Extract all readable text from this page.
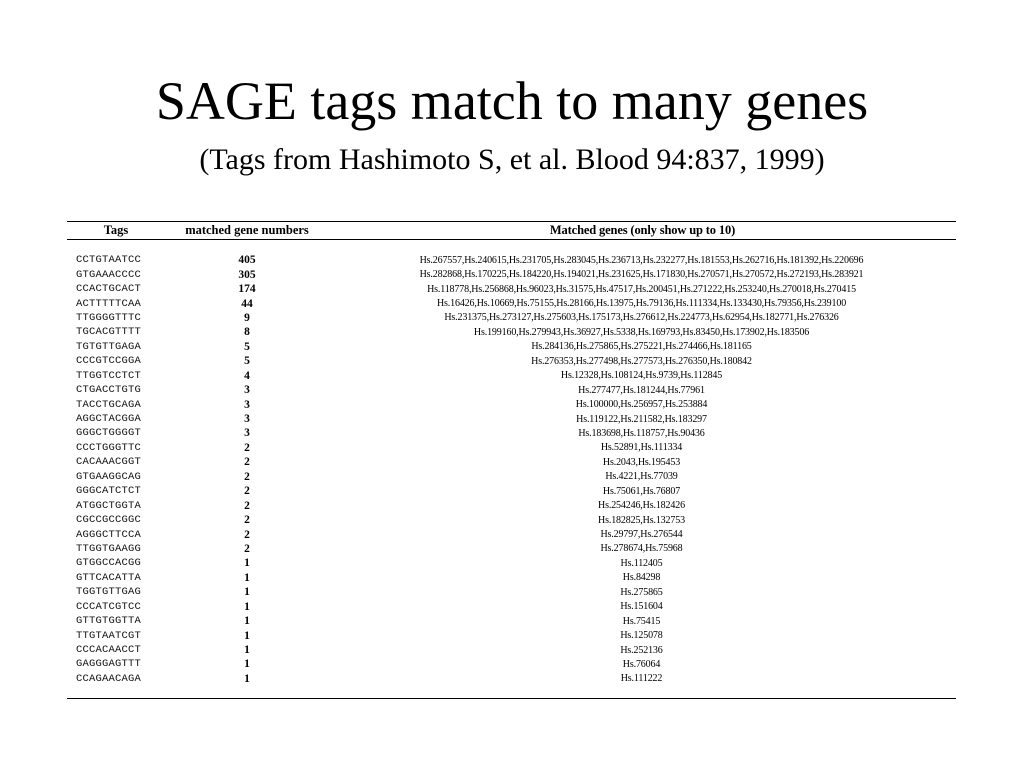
SAGE tags match to many genes
(Tags from Hashimoto S, et al. Blood 94:837, 1999)
Tags	matched gene numbers	Matched genes (only show up to 10)
CCTGTAATCC	405	Hs.267557,Hs.240615,Hs.231705,Hs.283045,Hs.236713,Hs.232277,Hs.181553,Hs.262716,Hs.181392,Hs.220696
GTGAAACCCC	305	Hs.282868,Hs.170225,Hs.184220,Hs.194021,Hs.231625,Hs.171830,Hs.270571,Hs.270572,Hs.272193,Hs.283921
CCACTGCACT	174	Hs.118778,Hs.256868,Hs.96023,Hs.31575,Hs.47517,Hs.200451,Hs.271222,Hs.253240,Hs.270018,Hs.270415
ACTTTTTCAA	44	Hs.16426,Hs.10669,Hs.75155,Hs.28166,Hs.13975,Hs.79136,Hs.111334,Hs.133430,Hs.79356,Hs.239100
TTGGGGTTTC	9	Hs.231375,Hs.273127,Hs.275603,Hs.175173,Hs.276612,Hs.224773,Hs.62954,Hs.182771,Hs.276326
TGCACGTTTT	8	Hs.199160,Hs.279943,Hs.36927,Hs.5338,Hs.169793,Hs.83450,Hs.173902,Hs.183506
TGTGTTGAGA	5	Hs.284136,Hs.275865,Hs.275221,Hs.274466,Hs.181165
CCCGTCCGGA	5	Hs.276353,Hs.277498,Hs.277573,Hs.276350,Hs.180842
TTGGTCCTCT	4	Hs.12328,Hs.108124,Hs.9739,Hs.112845
CTGACCTGTG	3	Hs.277477,Hs.181244,Hs.77961
TACCTGCAGA	3	Hs.100000,Hs.256957,Hs.253884
AGGCTACGGA	3	Hs.119122,Hs.211582,Hs.183297
GGGCTGGGGT	3	Hs.183698,Hs.118757,Hs.90436
CCCTGGGTTC	2	Hs.52891,Hs.111334
CACAAACGGT	2	Hs.2043,Hs.195453
GTGAAGGCAG	2	Hs.4221,Hs.77039
GGGCATCTCT	2	Hs.75061,Hs.76807
ATGGCTGGTA	2	Hs.254246,Hs.182426
CGCCGCCGGC	2	Hs.182825,Hs.132753
AGGGCTTCCA	2	Hs.29797,Hs.276544
TTGGTGAAGG	2	Hs.278674,Hs.75968
GTGGCCACGG	1	Hs.112405
GTTCACATTA	1	Hs.84298
TGGTGTTGAG	1	Hs.275865
CCCATCGTCC	1	Hs.151604
GTTGTGGTTA	1	Hs.75415
TTGTAATCGT	1	Hs.125078
CCCACAACCT	1	Hs.252136
GAGGGAGTTT	1	Hs.76064
CCAGAACAGA	1	Hs.111222
